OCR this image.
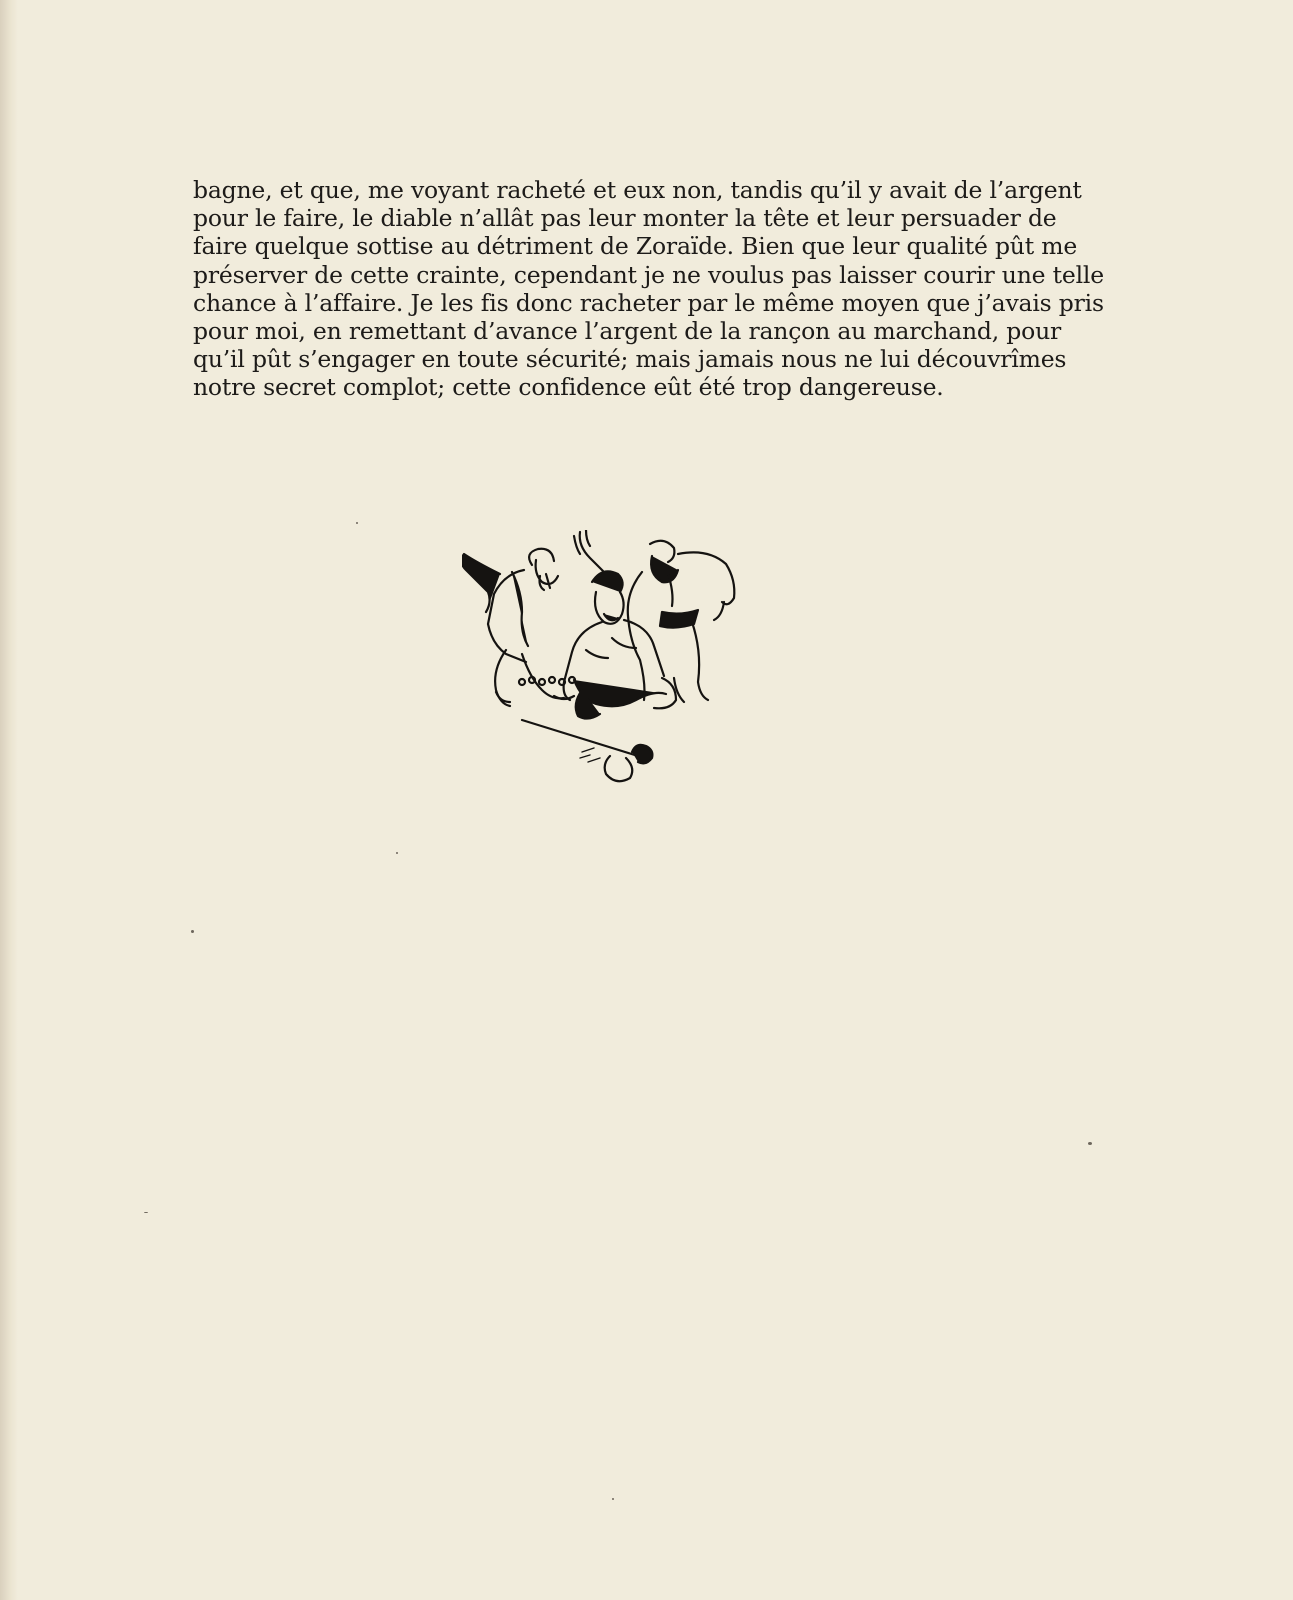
bagne, et que, me voyant racheté et eux non, tandis qu’il y avait de l’argent
pour le faire, le diable n’allât pas leur monter la tête et leur persuader de
faire quelque sottise au détriment de Zoraïde. Bien que leur qualité pût me
préserver de cette crainte, cependant je ne voulus pas laisser courir une telle
chance à l’affaire. Je les fis donc racheter par le même moyen que j’avais pris
pour moi, en remettant d’avance l’argent de la rançon au marchand, pour
qu’il pût s’engager en toute sécurité; mais jamais nous ne lui découvrîmes
notre secret complot; cette confidence eût été trop dangereuse.
